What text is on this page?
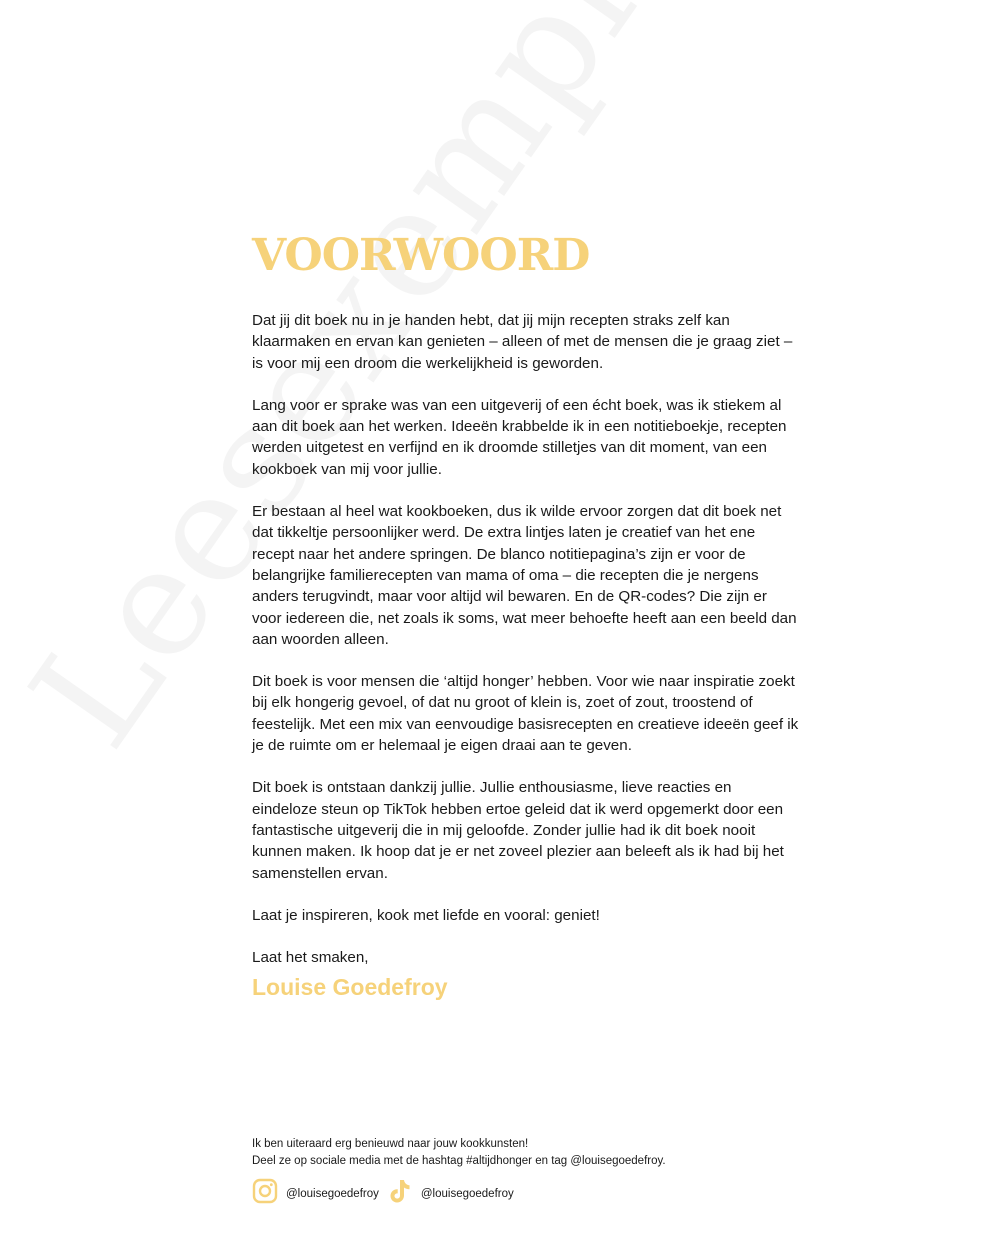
VOORWOORD

Dat jij dit boek nu in je handen hebt, dat jij mijn recepten straks zelf kan klaarmaken en ervan kan genieten – alleen of met de mensen die je graag ziet – is voor mij een droom die werkelijkheid is geworden.

Lang voor er sprake was van een uitgeverij of een écht boek, was ik stiekem al aan dit boek aan het werken. Ideeën krabbelde ik in een notitieboekje, recepten werden uitgetest en verfijnd en ik droomde stilletjes van dit moment, van een kookboek van mij voor jullie.

Er bestaan al heel wat kookboeken, dus ik wilde ervoor zorgen dat dit boek net dat tikkeltje persoonlijker werd. De extra lintjes laten je creatief van het ene recept naar het andere springen. De blanco notitiepagina’s zijn er voor de belangrijke familierecepten van mama of oma – die recepten die je nergens anders terugvindt, maar voor altijd wil bewaren. En de QR-codes? Die zijn er voor iedereen die, net zoals ik soms, wat meer behoefte heeft aan een beeld dan aan woorden alleen.

Dit boek is voor mensen die ‘altijd honger’ hebben. Voor wie naar inspiratie zoekt bij elk hongerig gevoel, of dat nu groot of klein is, zoet of zout, troostend of feestelijk. Met een mix van eenvoudige basisrecepten en creatieve ideeën geef ik je de ruimte om er helemaal je eigen draai aan te geven.

Dit boek is ontstaan dankzij jullie. Jullie enthousiasme, lieve reacties en eindeloze steun op TikTok hebben ertoe geleid dat ik werd opgemerkt door een fantastische uitgeverij die in mij geloofde. Zonder jullie had ik dit boek nooit kunnen maken. Ik hoop dat je er net zoveel plezier aan beleeft als ik had bij het samenstellen ervan.

Laat je inspireren, kook met liefde en vooral: geniet!

Laat het smaken,

Louise Goedefroy

Ik ben uiteraard erg benieuwd naar jouw kookkunsten!
Deel ze op sociale media met de hashtag #altijdhonger en tag @louisegoedefroy.
@louisegoedefroy	@louisegoedefroy
